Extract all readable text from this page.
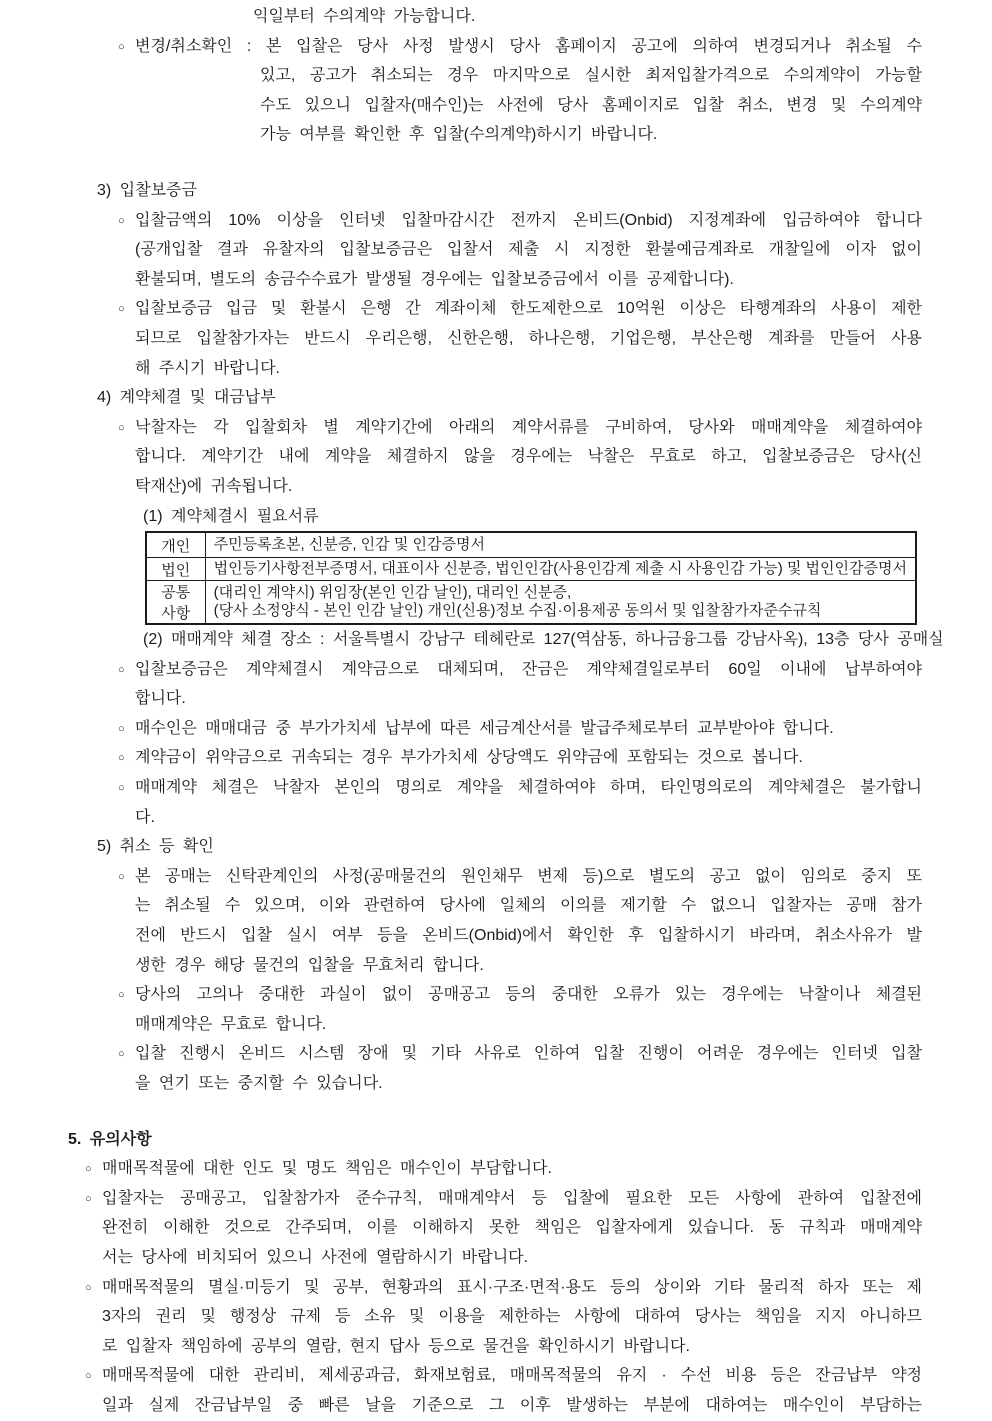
익일부터 수의계약 가능합니다.
○ 변경/취소확인 : 본 입찰은 당사 사정 발생시 당사 홈페이지 공고에 의하여 변경되거나 취소될 수
있고, 공고가 취소되는 경우 마지막으로 실시한 최저입찰가격으로 수의계약이 가능할
수도 있으니 입찰자(매수인)는 사전에 당사 홈페이지로 입찰 취소, 변경 및 수의계약
가능 여부를 확인한 후 입찰(수의계약)하시기 바랍니다.
3) 입찰보증금
○ 입찰금액의 10% 이상을 인터넷 입찰마감시간 전까지 온비드(Onbid) 지정계좌에 입금하여야 합니다
(공개입찰 결과 유찰자의 입찰보증금은 입찰서 제출 시 지정한 환불예금계좌로 개찰일에 이자 없이
환불되며, 별도의 송금수수료가 발생될 경우에는 입찰보증금에서 이를 공제합니다).
○ 입찰보증금 입금 및 환불시 은행 간 계좌이체 한도제한으로 10억원 이상은 타행계좌의 사용이 제한
되므로 입찰참가자는 반드시 우리은행, 신한은행, 하나은행, 기업은행, 부산은행 계좌를 만들어 사용
해 주시기 바랍니다.
4) 계약체결 및 대금납부
○ 낙찰자는 각 입찰회차 별 계약기간에 아래의 계약서류를 구비하여, 당사와 매매계약을 체결하여야
합니다. 계약기간 내에 계약을 체결하지 않을 경우에는 낙찰은 무효로 하고, 입찰보증금은 당사(신
탁재산)에 귀속됩니다.
(1) 계약체결시 필요서류
개인	주민등록초본, 신분증, 인감 및 인감증명서

법인	법인등기사항전부증명서, 대표이사 신분증, 법인인감(사용인감계 제출 시 사용인감 가능) 및 법인인감증명서

공통사항	(대리인 계약시) 위임장(본인 인감 날인), 대리인 신분증,
(당사 소정양식 - 본인 인감 날인) 개인(신용)정보 수집·이용제공 동의서 및 입찰참가자준수규칙
(2) 매매계약 체결 장소 : 서울특별시 강남구 테헤란로 127(역삼동, 하나금융그룹 강남사옥), 13층 당사 공매실
○ 입찰보증금은 계약체결시 계약금으로 대체되며, 잔금은 계약체결일로부터 60일 이내에 납부하여야
합니다.
○ 매수인은 매매대금 중 부가가치세 납부에 따른 세금계산서를 발급주체로부터 교부받아야 합니다.
○ 계약금이 위약금으로 귀속되는 경우 부가가치세 상당액도 위약금에 포함되는 것으로 봅니다.
○ 매매계약 체결은 낙찰자 본인의 명의로 계약을 체결하여야 하며, 타인명의로의 계약체결은 불가합니
다.
5) 취소 등 확인
○ 본 공매는 신탁관계인의 사정(공매물건의 원인채무 변제 등)으로 별도의 공고 없이 임의로 중지 또
는 취소될 수 있으며, 이와 관련하여 당사에 일체의 이의를 제기할 수 없으니 입찰자는 공매 참가
전에 반드시 입찰 실시 여부 등을 온비드(Onbid)에서 확인한 후 입찰하시기 바라며, 취소사유가 발
생한 경우 해당 물건의 입찰을 무효처리 합니다.
○ 당사의 고의나 중대한 과실이 없이 공매공고 등의 중대한 오류가 있는 경우에는 낙찰이나 체결된
매매계약은 무효로 합니다.
○ 입찰 진행시 온비드 시스템 장애 및 기타 사유로 인하여 입찰 진행이 어려운 경우에는 인터넷 입찰
을 연기 또는 중지할 수 있습니다.
5. 유의사항
○ 매매목적물에 대한 인도 및 명도 책임은 매수인이 부담합니다.
○ 입찰자는 공매공고, 입찰참가자 준수규칙, 매매계약서 등 입찰에 필요한 모든 사항에 관하여 입찰전에
완전히 이해한 것으로 간주되며, 이를 이해하지 못한 책임은 입찰자에게 있습니다. 동 규칙과 매매계약
서는 당사에 비치되어 있으니 사전에 열람하시기 바랍니다.
○ 매매목적물의 멸실·미등기 및 공부, 현황과의 표시·구조·면적·용도 등의 상이와 기타 물리적 하자 또는 제
3자의 권리 및 행정상 규제 등 소유 및 이용을 제한하는 사항에 대하여 당사는 책임을 지지 아니하므
로 입찰자 책임하에 공부의 열람, 현지 답사 등으로 물건을 확인하시기 바랍니다.
○ 매매목적물에 대한 관리비, 제세공과금, 화재보험료, 매매목적물의 유지 · 수선 비용 등은 잔금납부 약정
일과 실제 잔금납부일 중 빠른 날을 기준으로 그 이후 발생하는 부분에 대하여는 매수인이 부담하는
